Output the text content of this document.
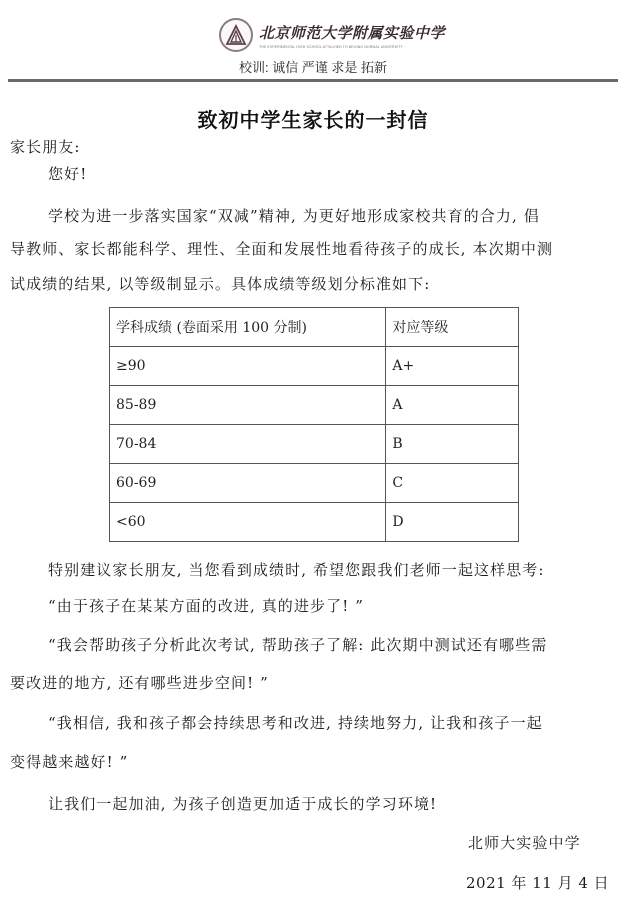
北京师范大学附属实验中学
THE EXPERIMENTAL HIGH SCHOOL ATTACHED TO BEIJING NORMAL UNIVERSITY
校训: 诚信 严谨 求是 拓新
致初中学生家长的一封信
家长朋友:
您好!
学校为进一步落实国家“双减”精神, 为更好地形成家校共育的合力, 倡
导教师、家长都能科学、理性、全面和发展性地看待孩子的成长, 本次期中测
试成绩的结果, 以等级制显示。具体成绩等级划分标准如下:
学科成绩 (卷面采用 100 分制)	对应等级
≥90	A+
85-89	A
70-84	B
60-69	C
<60	D
特别建议家长朋友, 当您看到成绩时, 希望您跟我们老师一起这样思考:
“由于孩子在某某方面的改进, 真的进步了! ”
“我会帮助孩子分析此次考试, 帮助孩子了解: 此次期中测试还有哪些需
要改进的地方, 还有哪些进步空间! ”
“我相信, 我和孩子都会持续思考和改进, 持续地努力, 让我和孩子一起
变得越来越好! ”
让我们一起加油, 为孩子创造更加适于成长的学习环境!
北师大实验中学
2021 年 11 月 4 日
